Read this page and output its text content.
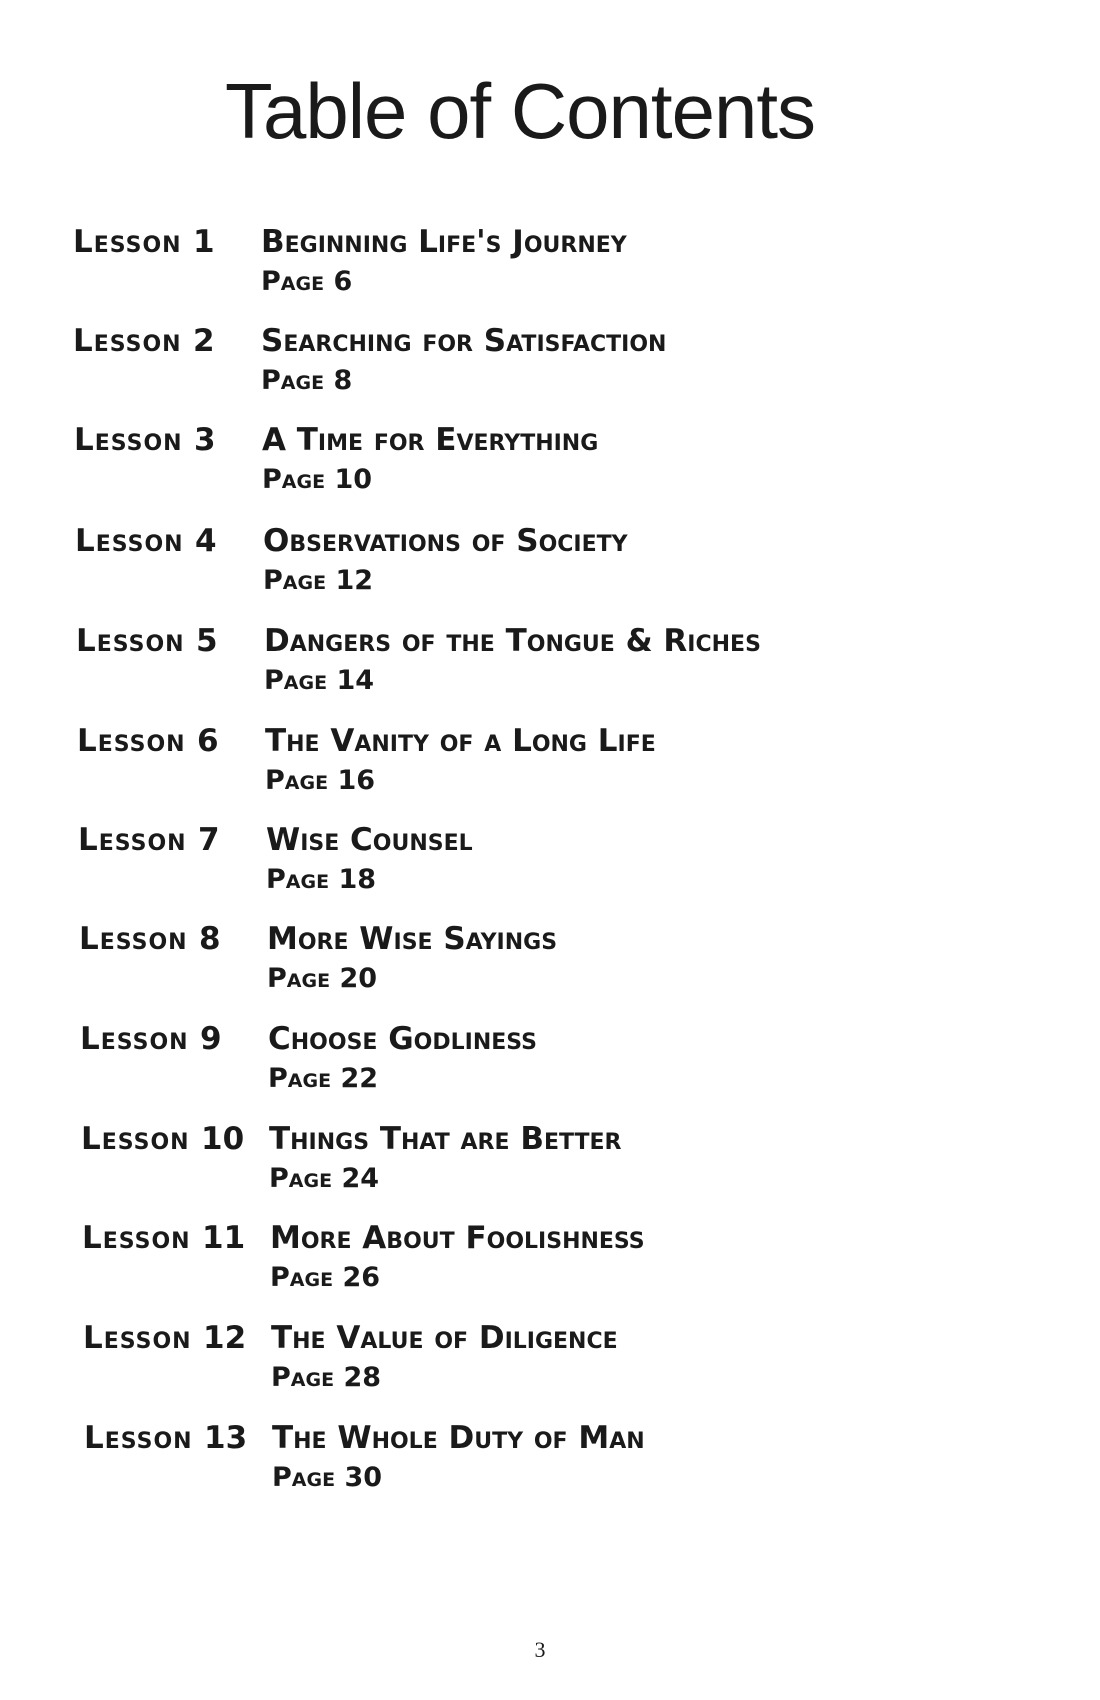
Table of Contents
Lesson 1	Beginning Life's Journey
Page 6
Lesson 2	Searching for Satisfaction
Page 8
Lesson 3	A Time for Everything
Page 10
Lesson 4	Observations of Society
Page 12
Lesson 5	Dangers of the Tongue & Riches
Page 14
Lesson 6	The Vanity of a Long Life
Page 16
Lesson 7	Wise Counsel
Page 18
Lesson 8	More Wise Sayings
Page 20
Lesson 9	Choose Godliness
Page 22
Lesson 10 Things That are Better
Page 24
Lesson 11 More About Foolishness
Page 26
Lesson 12 The Value of Diligence
Page 28
Lesson 13 The Whole Duty of Man
Page 30
3
